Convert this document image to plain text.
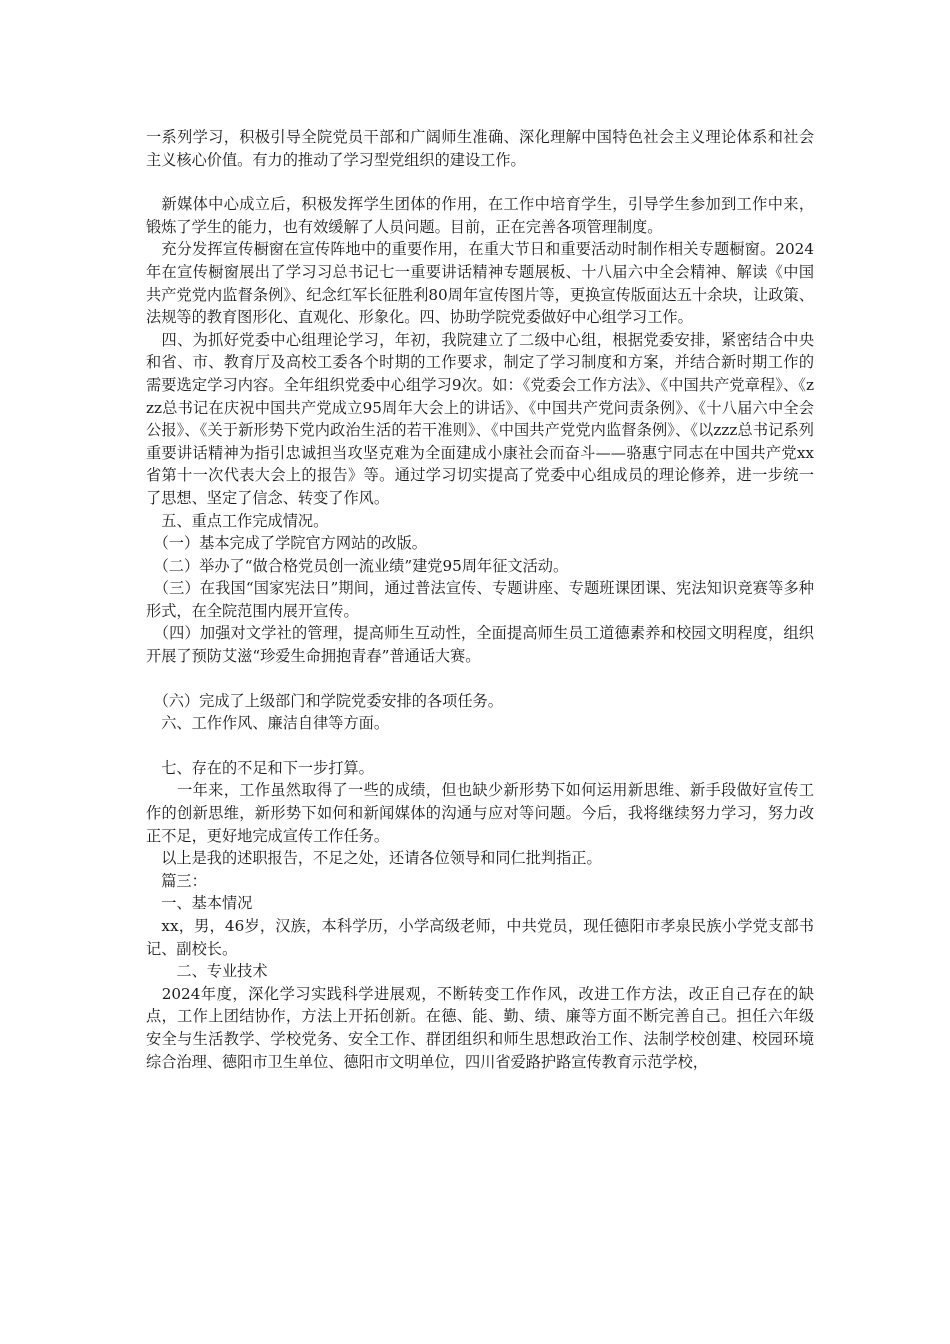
一系列学习，积极引导全院党员干部和广阔师生准确、深化理解中国特色社会主义理论体系和社会主义核心价值。有力的推动了学习型党组织的建设工作。

　新媒体中心成立后，积极发挥学生团体的作用，在工作中培育学生，引导学生参加到工作中来，锻炼了学生的能力，也有效缓解了人员问题。目前，正在完善各项管理制度。

　充分发挥宣传橱窗在宣传阵地中的重要作用，在重大节日和重要活动时制作相关专题橱窗。2024年在宣传橱窗展出了学习习总书记七一重要讲话精神专题展板、十八届六中全会精神、解读《中国共产党党内监督条例》、纪念红军长征胜利80周年宣传图片等，更换宣传版面达五十余块，让政策、法规等的教育图形化、直观化、形象化。四、协助学院党委做好中心组学习工作。

　四、为抓好党委中心组理论学习，年初，我院建立了二级中心组，根据党委安排，紧密结合中央和省、市、教育厅及高校工委各个时期的工作要求，制定了学习制度和方案，并结合新时期工作的需要选定学习内容。全年组织党委中心组学习9次。如：《党委会工作方法》、《中国共产党章程》、《zzz总书记在庆祝中国共产党成立95周年大会上的讲话》、《中国共产党问责条例》、《十八届六中全会公报》、《关于新形势下党内政治生活的若干准则》、《中国共产党党内监督条例》、《以zzz总书记系列重要讲话精神为指引忠诚担当攻坚克难为全面建成小康社会而奋斗——骆惠宁同志在中国共产党xx省第十一次代表大会上的报告》等。通过学习切实提高了党委中心组成员的理论修养，进一步统一了思想、坚定了信念、转变了作风。

　五、重点工作完成情况。

　（一）基本完成了学院官方网站的改版。

　（二）举办了“做合格党员创一流业绩”建党95周年征文活动。

　（三）在我国“国家宪法日”期间，通过普法宣传、专题讲座、专题班课团课、宪法知识竞赛等多种形式，在全院范围内展开宣传。

　（四）加强对文学社的管理，提高师生互动性，全面提高师生员工道德素养和校园文明程度，组织开展了预防艾滋“珍爱生命拥抱青春”普通话大赛。

　（六）完成了上级部门和学院党委安排的各项任务。

　六、工作作风、廉洁自律等方面。

　七、存在的不足和下一步打算。

　　一年来，工作虽然取得了一些的成绩，但也缺少新形势下如何运用新思维、新手段做好宣传工作的创新思维，新形势下如何和新闻媒体的沟通与应对等问题。今后，我将继续努力学习，努力改正不足，更好地完成宣传工作任务。

　以上是我的述职报告，不足之处，还请各位领导和同仁批判指正。

　篇三：

　一、基本情况

　xx，男，46岁，汉族，本科学历，小学高级老师，中共党员，现任德阳市孝泉民族小学党支部书记、副校长。

　　二、专业技术

　2024年度，深化学习实践科学进展观，不断转变工作作风，改进工作方法，改正自己存在的缺点，工作上团结协作，方法上开拓创新。在德、能、勤、绩、廉等方面不断完善自己。担任六年级安全与生活教学、学校党务、安全工作、群团组织和师生思想政治工作、法制学校创建、校园环境综合治理、德阳市卫生单位、德阳市文明单位，四川省爱路护路宣传教育示范学校，
